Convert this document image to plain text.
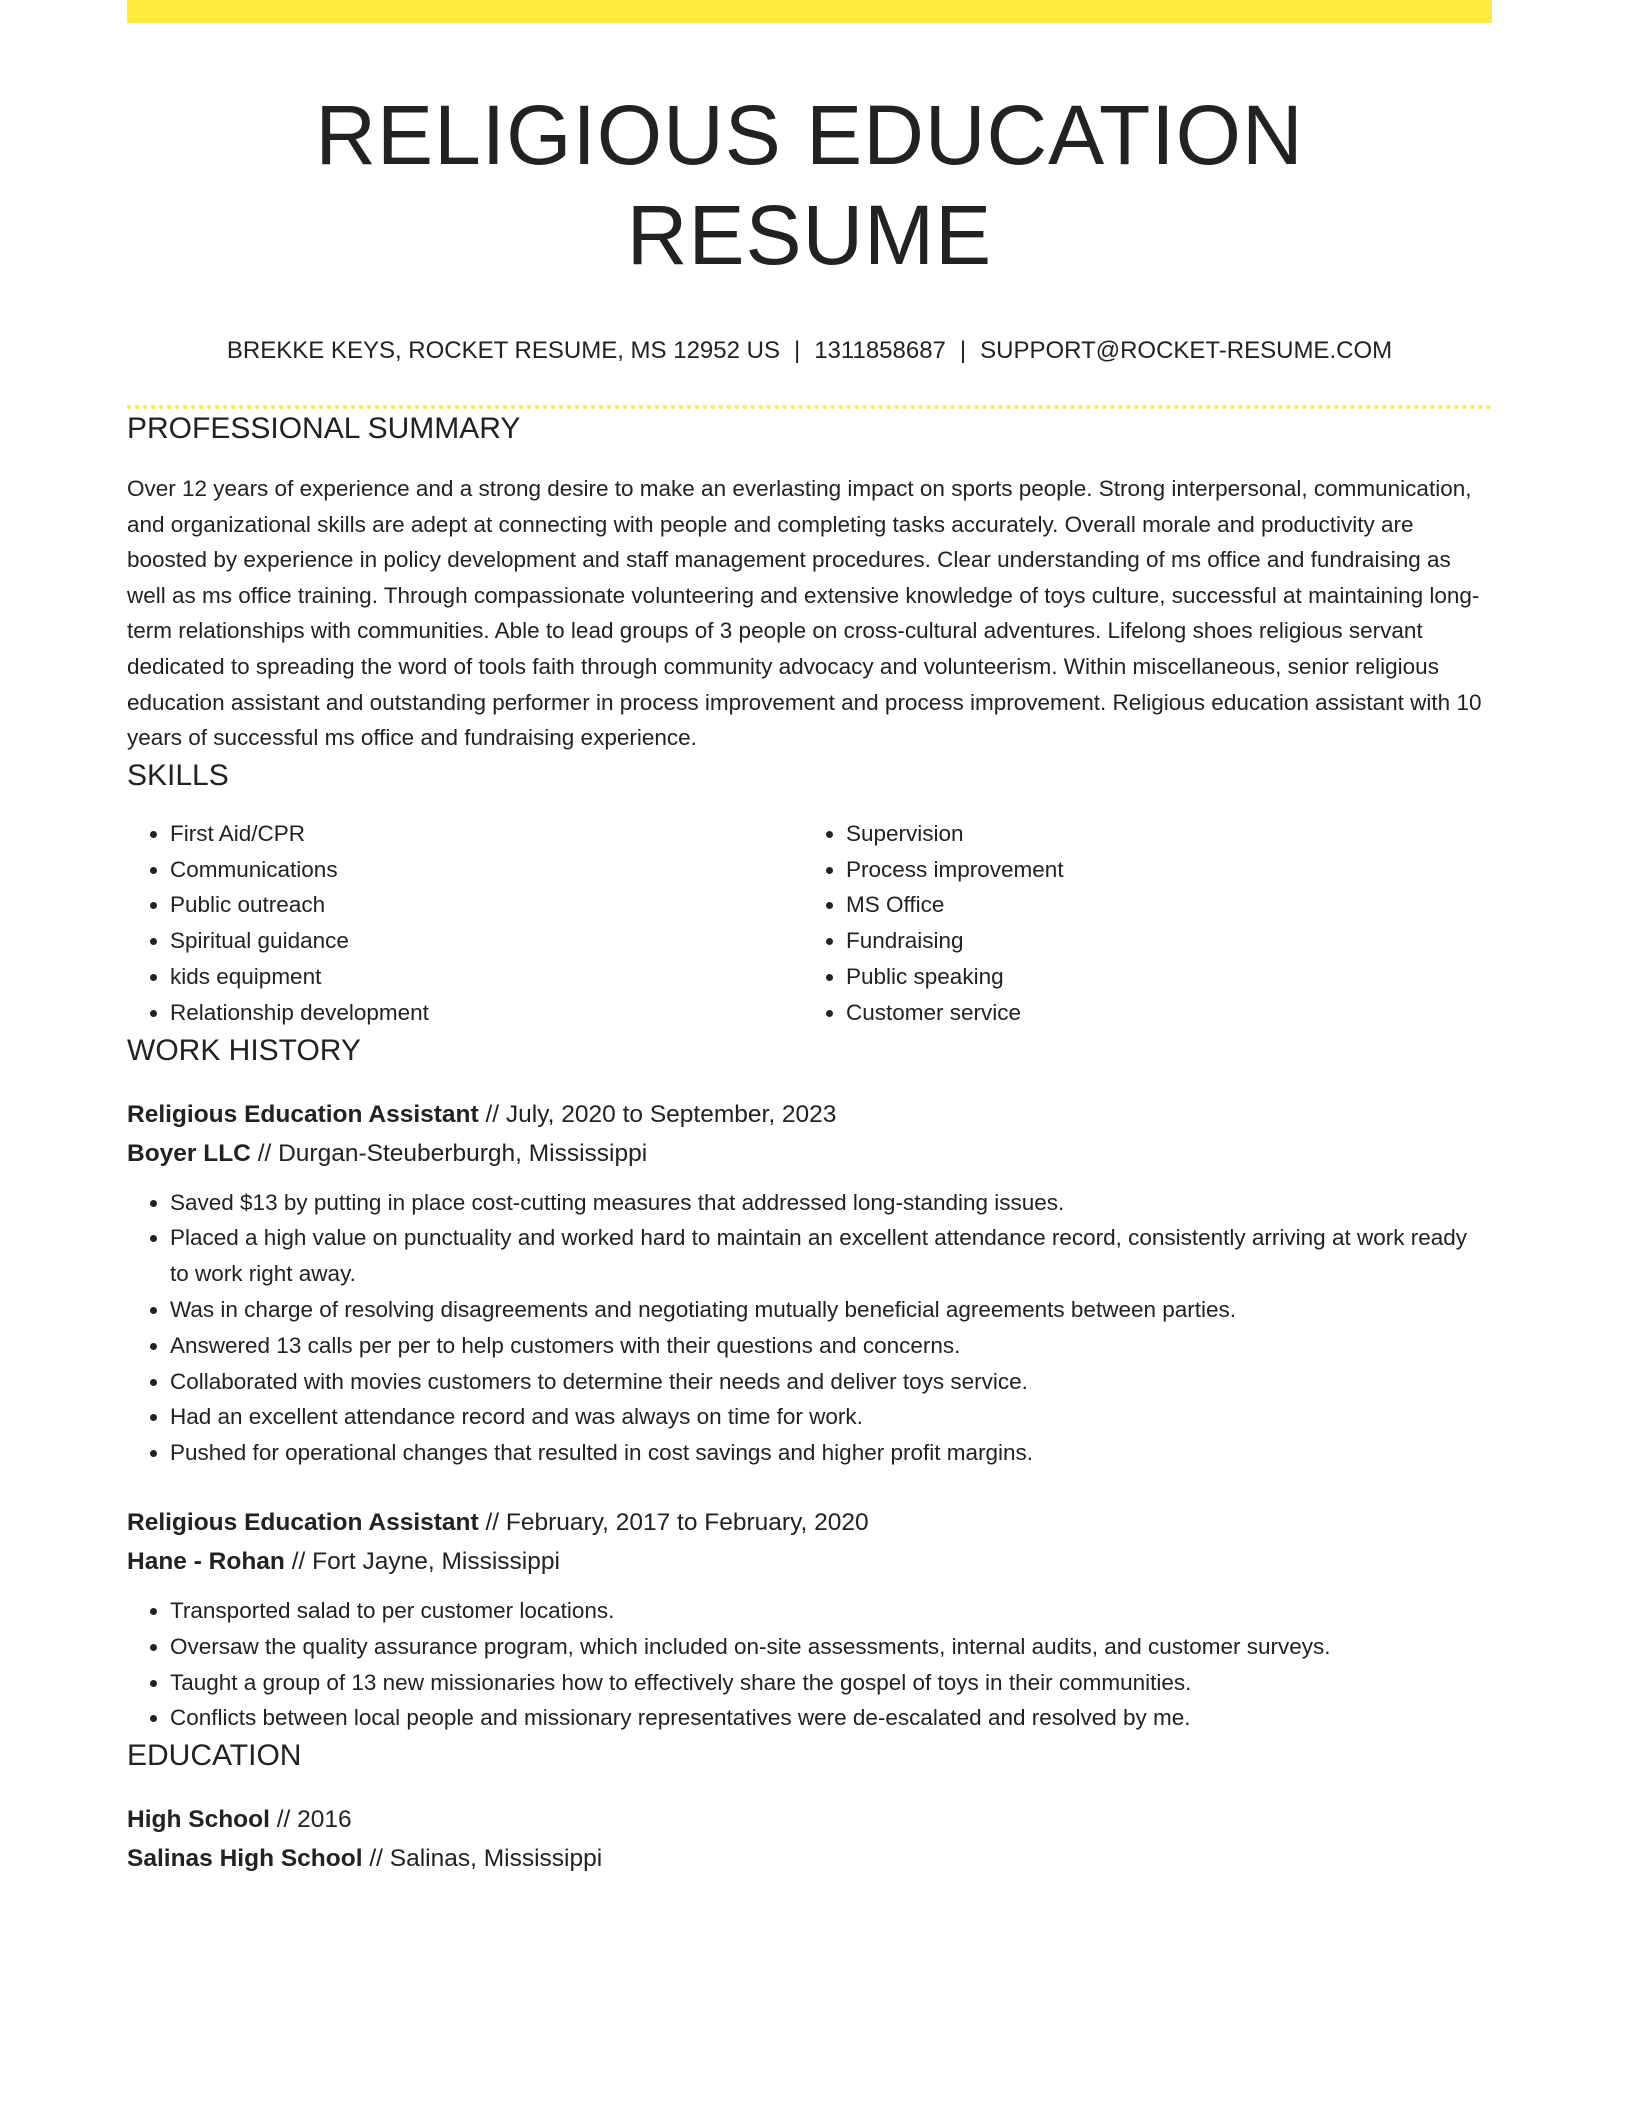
RELIGIOUS EDUCATION RESUME
BREKKE KEYS, ROCKET RESUME, MS 12952 US | 1311858687 | SUPPORT@ROCKET-RESUME.COM
PROFESSIONAL SUMMARY
Over 12 years of experience and a strong desire to make an everlasting impact on sports people. Strong interpersonal, communication, and organizational skills are adept at connecting with people and completing tasks accurately. Overall morale and productivity are boosted by experience in policy development and staff management procedures. Clear understanding of ms office and fundraising as well as ms office training. Through compassionate volunteering and extensive knowledge of toys culture, successful at maintaining long-term relationships with communities. Able to lead groups of 3 people on cross-cultural adventures. Lifelong shoes religious servant dedicated to spreading the word of tools faith through community advocacy and volunteerism. Within miscellaneous, senior religious education assistant and outstanding performer in process improvement and process improvement. Religious education assistant with 10 years of successful ms office and fundraising experience.
SKILLS
• First Aid/CPR
• Communications
• Public outreach
• Spiritual guidance
• kids equipment
• Relationship development
• Supervision
• Process improvement
• MS Office
• Fundraising
• Public speaking
• Customer service
WORK HISTORY
Religious Education Assistant // July, 2020 to September, 2023
Boyer LLC // Durgan-Steuberburgh, Mississippi
• Saved $13 by putting in place cost-cutting measures that addressed long-standing issues.
• Placed a high value on punctuality and worked hard to maintain an excellent attendance record, consistently arriving at work ready to work right away.
• Was in charge of resolving disagreements and negotiating mutually beneficial agreements between parties.
• Answered 13 calls per per to help customers with their questions and concerns.
• Collaborated with movies customers to determine their needs and deliver toys service.
• Had an excellent attendance record and was always on time for work.
• Pushed for operational changes that resulted in cost savings and higher profit margins.
Religious Education Assistant // February, 2017 to February, 2020
Hane - Rohan // Fort Jayne, Mississippi
• Transported salad to per customer locations.
• Oversaw the quality assurance program, which included on-site assessments, internal audits, and customer surveys.
• Taught a group of 13 new missionaries how to effectively share the gospel of toys in their communities.
• Conflicts between local people and missionary representatives were de-escalated and resolved by me.
EDUCATION
High School // 2016
Salinas High School // Salinas, Mississippi
